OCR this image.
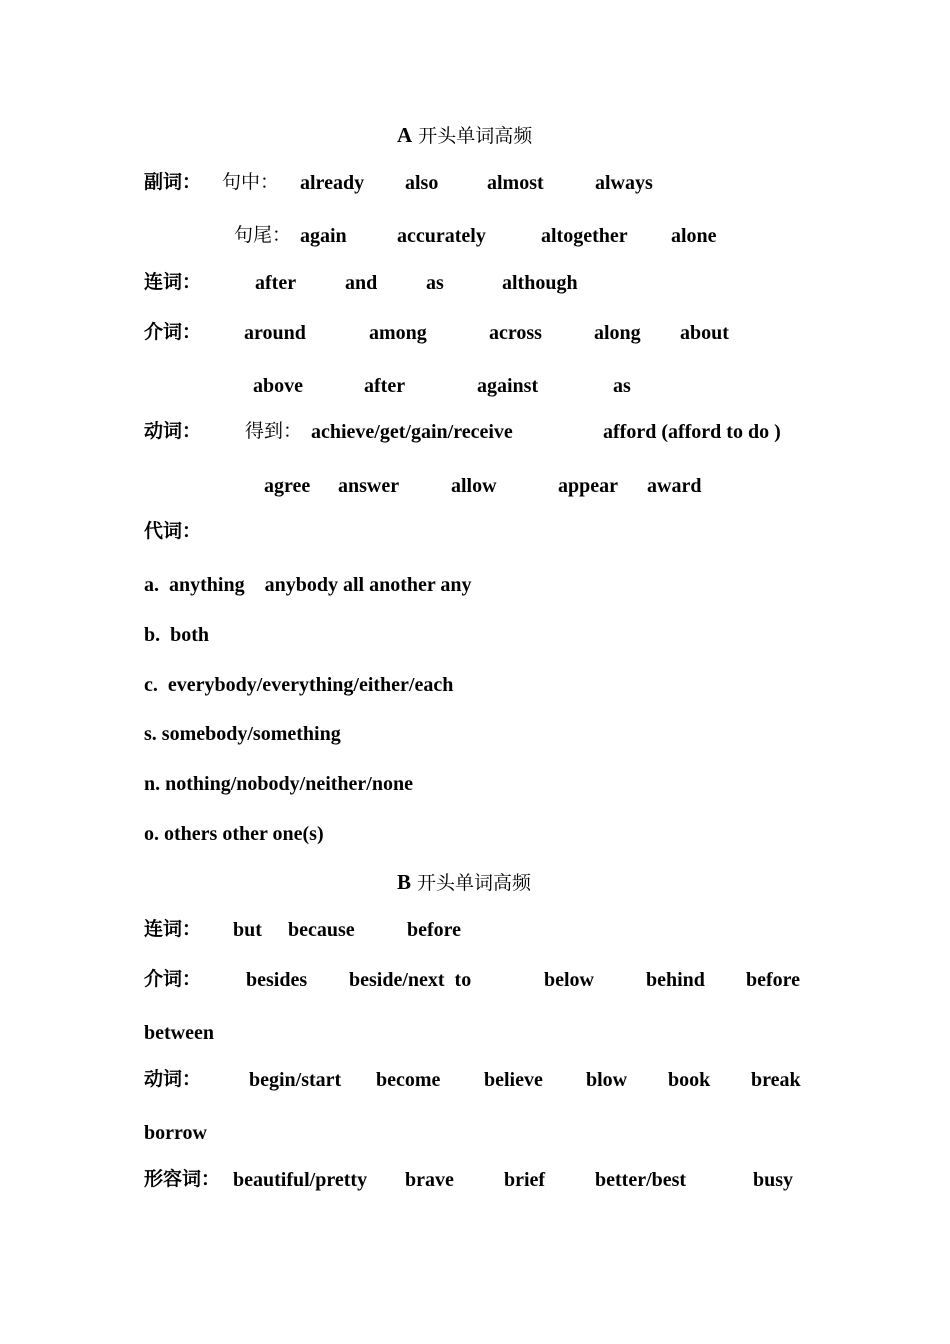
A 开头单词高频
副词： 句中： already also almost	always
句尾： again	accurately	altogether alone
连词：	after and as	although
介词： around	among	across	along about
above	after	against	as
动词： 得到： achieve/get/gain/receive	afford (afford to do )
agree answer	allow	appear award
代词：
a.  anything    anybody all another any
b.  both
c.  everybody/everything/either/each
s. somebody/something
n. nothing/nobody/neither/none
o. others other one(s)
B 开头单词高频
连词： but because	before
介词： besides beside/next  to	below	behind before
between
动词： begin/start become believe blow book break
borrow
形容词： beautiful/pretty brave	brief better/best	busy
